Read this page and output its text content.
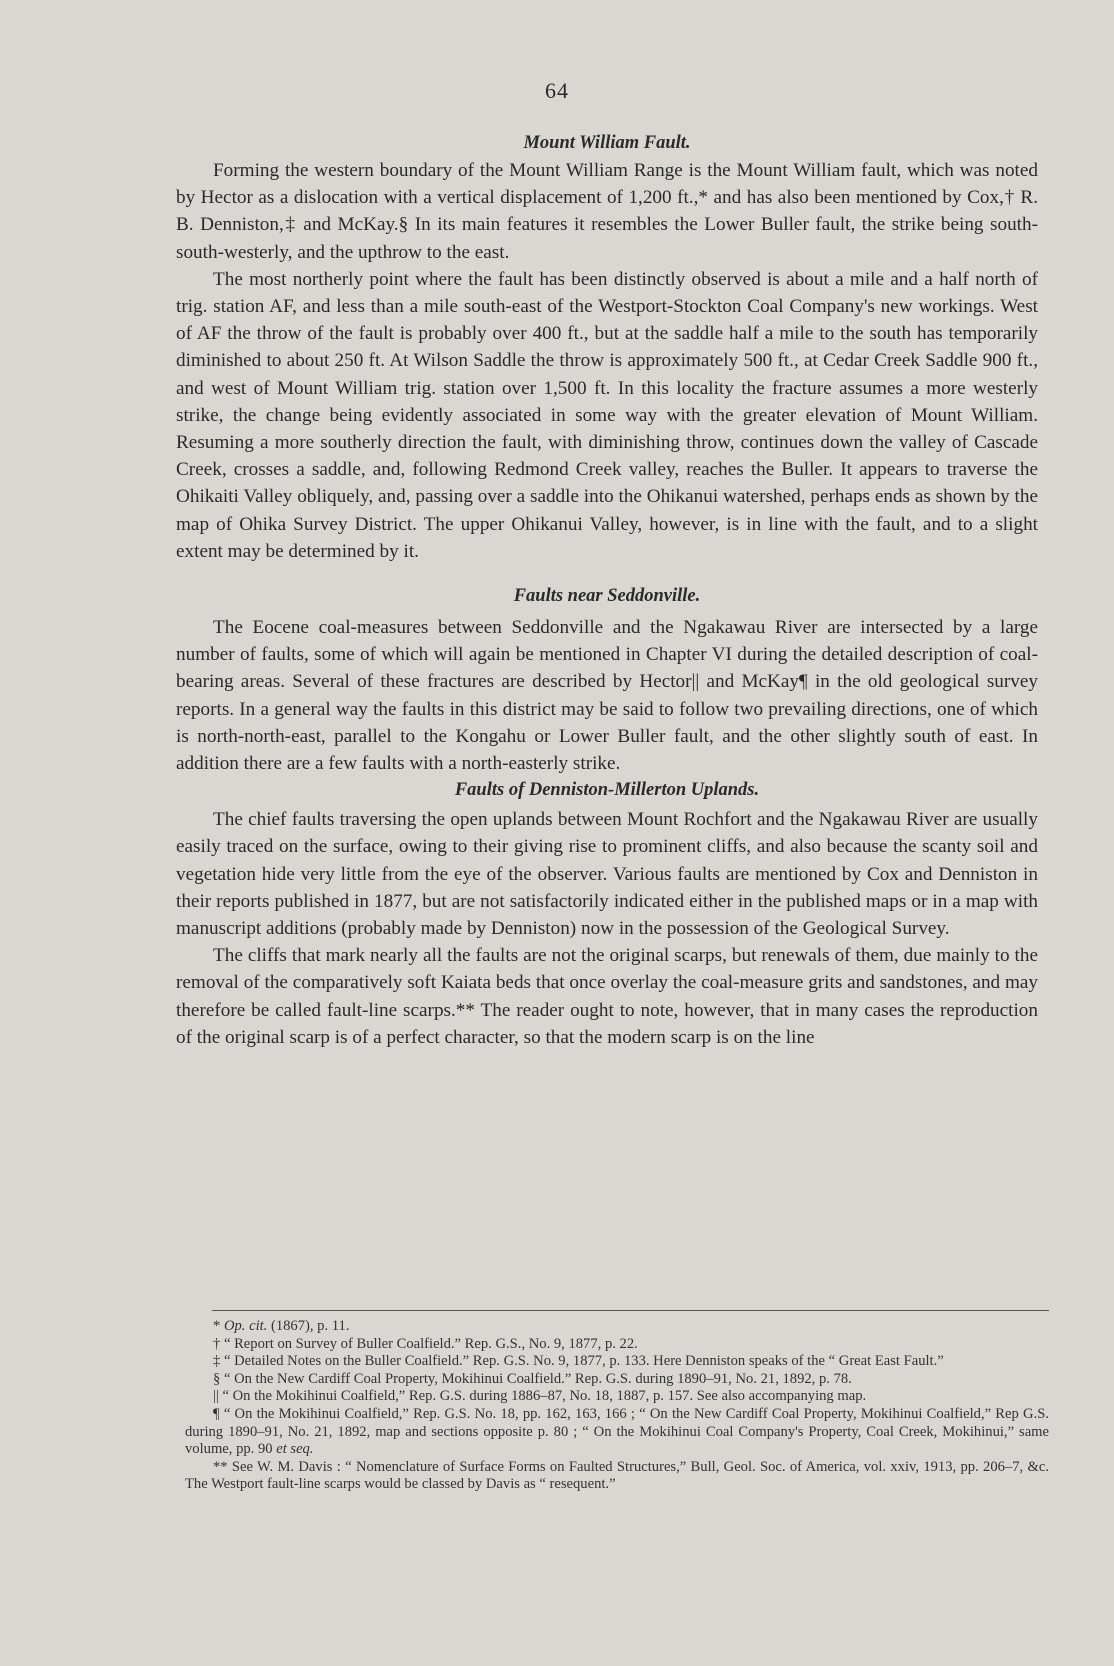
64
Mount William Fault.

Forming the western boundary of the Mount William Range is the Mount William fault, which was noted by Hector as a dislocation with a vertical displacement of 1,200 ft.,* and has also been mentioned by Cox,† R. B. Denniston,‡ and McKay.§ In its main features it resembles the Lower Buller fault, the strike being south-south-westerly, and the upthrow to the east.

The most northerly point where the fault has been distinctly observed is about a mile and a half north of trig. station AF, and less than a mile south-east of the Westport-Stockton Coal Company's new workings. West of AF the throw of the fault is probably over 400 ft., but at the saddle half a mile to the south has temporarily diminished to about 250 ft. At Wilson Saddle the throw is approximately 500 ft., at Cedar Creek Saddle 900 ft., and west of Mount William trig. station over 1,500 ft. In this locality the fracture assumes a more westerly strike, the change being evidently associated in some way with the greater elevation of Mount William. Resuming a more southerly direction the fault, with diminishing throw, continues down the valley of Cascade Creek, crosses a saddle, and, following Redmond Creek valley, reaches the Buller. It appears to traverse the Ohikaiti Valley obliquely, and, passing over a saddle into the Ohikanui watershed, perhaps ends as shown by the map of Ohika Survey District. The upper Ohikanui Valley, however, is in line with the fault, and to a slight extent may be determined by it.

Faults near Seddonville.

The Eocene coal-measures between Seddonville and the Ngakawau River are intersected by a large number of faults, some of which will again be mentioned in Chapter VI during the detailed description of coal-bearing areas. Several of these fractures are described by Hector|| and McKay¶ in the old geological survey reports. In a general way the faults in this district may be said to follow two prevailing directions, one of which is north-north-east, parallel to the Kongahu or Lower Buller fault, and the other slightly south of east. In addition there are a few faults with a north-easterly strike.

Faults of Denniston-Millerton Uplands.

The chief faults traversing the open uplands between Mount Rochfort and the Ngakawau River are usually easily traced on the surface, owing to their giving rise to prominent cliffs, and also because the scanty soil and vegetation hide very little from the eye of the observer. Various faults are mentioned by Cox and Denniston in their reports published in 1877, but are not satisfactorily indicated either in the published maps or in a map with manuscript additions (probably made by Denniston) now in the possession of the Geological Survey.

The cliffs that mark nearly all the faults are not the original scarps, but renewals of them, due mainly to the removal of the comparatively soft Kaiata beds that once overlay the coal-measure grits and sandstones, and may therefore be called fault-line scarps.** The reader ought to note, however, that in many cases the reproduction of the original scarp is of a perfect character, so that the modern scarp is on the line

* Op. cit. (1867), p. 11.

† “ Report on Survey of Buller Coalfield.” Rep. G.S., No. 9, 1877, p. 22.

‡ “ Detailed Notes on the Buller Coalfield.” Rep. G.S. No. 9, 1877, p. 133. Here Denniston speaks of the “ Great East Fault.”

§ “ On the New Cardiff Coal Property, Mokihinui Coalfield.” Rep. G.S. during 1890–91, No. 21, 1892, p. 78.

|| “ On the Mokihinui Coalfield,” Rep. G.S. during 1886–87, No. 18, 1887, p. 157. See also accompanying map.

¶ “ On the Mokihinui Coalfield,” Rep. G.S. No. 18, pp. 162, 163, 166 ; “ On the New Cardiff Coal Property, Mokihinui Coalfield,” Rep G.S. during 1890–91, No. 21, 1892, map and sections opposite p. 80 ; “ On the Mokihinui Coal Company's Property, Coal Creek, Mokihinui,” same volume, pp. 90 et seq.

** See W. M. Davis : “ Nomenclature of Surface Forms on Faulted Structures,” Bull, Geol. Soc. of America, vol. xxiv, 1913, pp. 206–7, &c. The Westport fault-line scarps would be classed by Davis as “ resequent.”
